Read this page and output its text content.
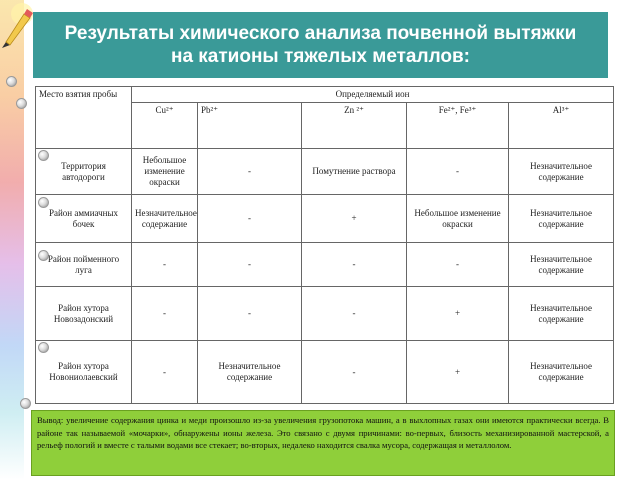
Результаты химического анализа почвенной вытяжки на катионы тяжелых металлов:

Место взятия пробы	Определяемый ион				
	Cu²⁺	Pb²⁺	Zn ²⁺	Fe²⁺, Fe³⁺	Al³⁺
Территория автодороги	Небольшое изменение окраски	-	Помутнение раствора	-	Незначительное содержание
Район аммиачных бочек	Незначительное содержание	-	+	Небольшое изменение окраски	Незначительное содержание
Район пойменного луга	-	-	-	-	Незначительное содержание
Район хутора Новозадонский	-	-	-	+	Незначительное содержание
Район хутора Новониолаевский	-	Незначительное содержание	-	+	Незначительное содержание
Вывод: увеличение содержания цинка и меди произошло из-за увеличения грузопотока машин, а в выхлопных газах они имеются практически всегда. В районе так называемой «мочарки», обнаружены ионы железа. Это связано с двумя причинами: во-первых, близость механизированной мастерской, а рельеф пологий и вместе с талыми водами все стекает; во-вторых, недалеко находится свалка мусора, содержащая и металлолом.
